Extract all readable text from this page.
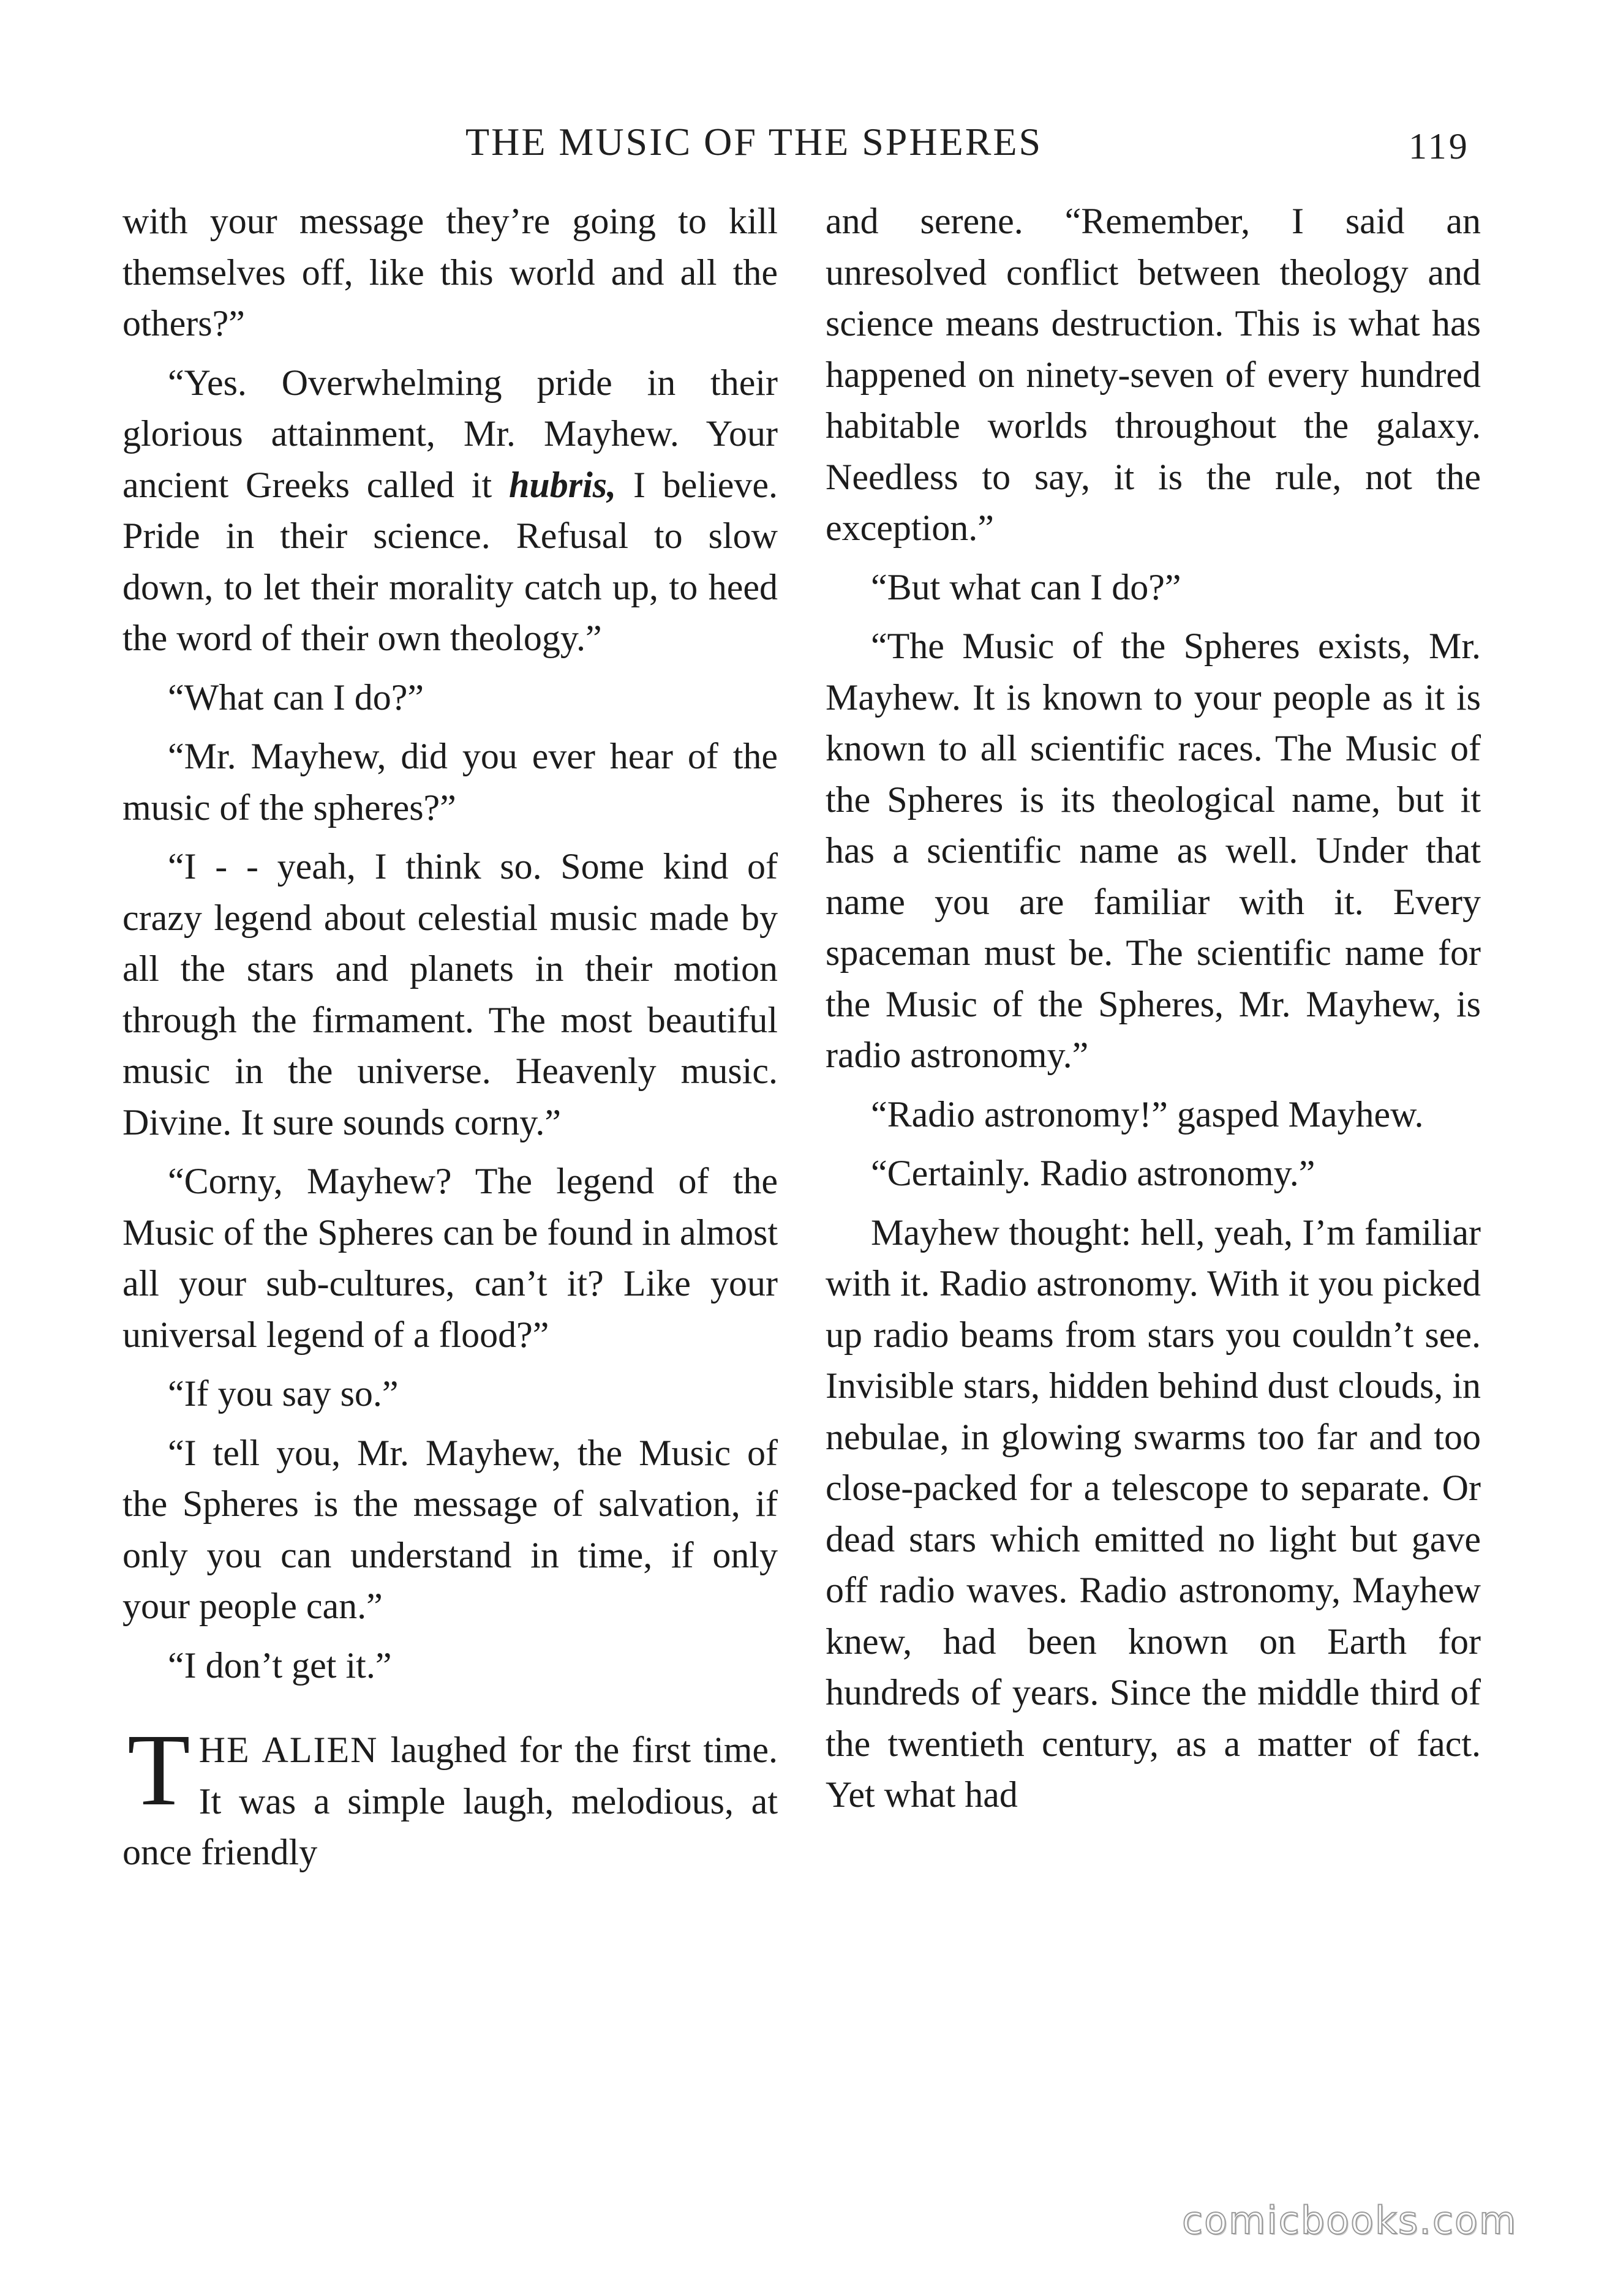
THE MUSIC OF THE SPHERES	119

with your message they’re going to kill themselves off, like this world and all the others?”

“Yes. Overwhelming pride in their glorious attainment, Mr. Mayhew. Your ancient Greeks called it hubris, I believe. Pride in their science. Refusal to slow down, to let their morality catch up, to heed the word of their own theology.”

“What can I do?”

“Mr. Mayhew, did you ever hear of the music of the spheres?”

“I - - yeah, I think so. Some kind of crazy legend about celestial music made by all the stars and planets in their motion through the firmament. The most beautiful music in the universe. Heavenly music. Divine. It sure sounds corny.”

“Corny, Mayhew? The legend of the Music of the Spheres can be found in almost all your sub-cultures, can’t it? Like your universal legend of a flood?”

“If you say so.”

“I tell you, Mr. Mayhew, the Music of the Spheres is the message of salvation, if only you can understand in time, if only your people can.”

“I don’t get it.”

THE ALIEN laughed for the first time. It was a simple laugh, melodious, at once friendly

and serene. “Remember, I said an unresolved conflict between theology and science means destruction. This is what has happened on ninety-seven of every hundred habitable worlds throughout the galaxy. Needless to say, it is the rule, not the exception.”

“But what can I do?”

“The Music of the Spheres exists, Mr. Mayhew. It is known to your people as it is known to all scientific races. The Music of the Spheres is its theological name, but it has a scientific name as well. Under that name you are familiar with it. Every spaceman must be. The scientific name for the Music of the Spheres, Mr. Mayhew, is radio astronomy.”

“Radio astronomy!” gasped Mayhew.

“Certainly. Radio astronomy.”

Mayhew thought: hell, yeah, I’m familiar with it. Radio astronomy. With it you picked up radio beams from stars you couldn’t see. Invisible stars, hidden behind dust clouds, in nebulae, in glowing swarms too far and too close-packed for a telescope to separate. Or dead stars which emitted no light but gave off radio waves. Radio astronomy, Mayhew knew, had been known on Earth for hundreds of years. Since the middle third of the twentieth century, as a matter of fact. Yet what had

comicbooks.com
